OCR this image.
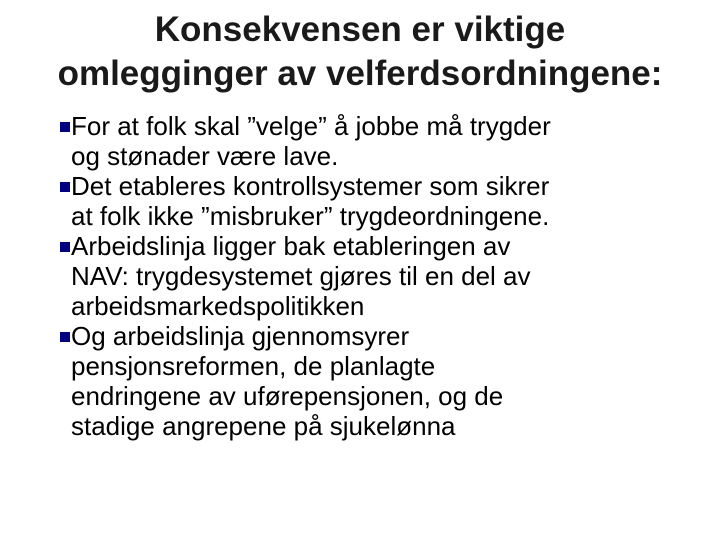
Konsekvensen er viktige
omlegginger av velferdsordningene:
For at folk skal ”velge” å jobbe må trygder
og stønader være lave.
Det etableres kontrollsystemer som sikrer
at folk ikke ”misbruker” trygdeordningene.
Arbeidslinja ligger bak etableringen av
NAV: trygdesystemet gjøres til en del av
arbeidsmarkedspolitikken
Og arbeidslinja gjennomsyrer
pensjonsreformen, de planlagte
endringene av uførepensjonen, og de
stadige angrepene på sjukelønna
